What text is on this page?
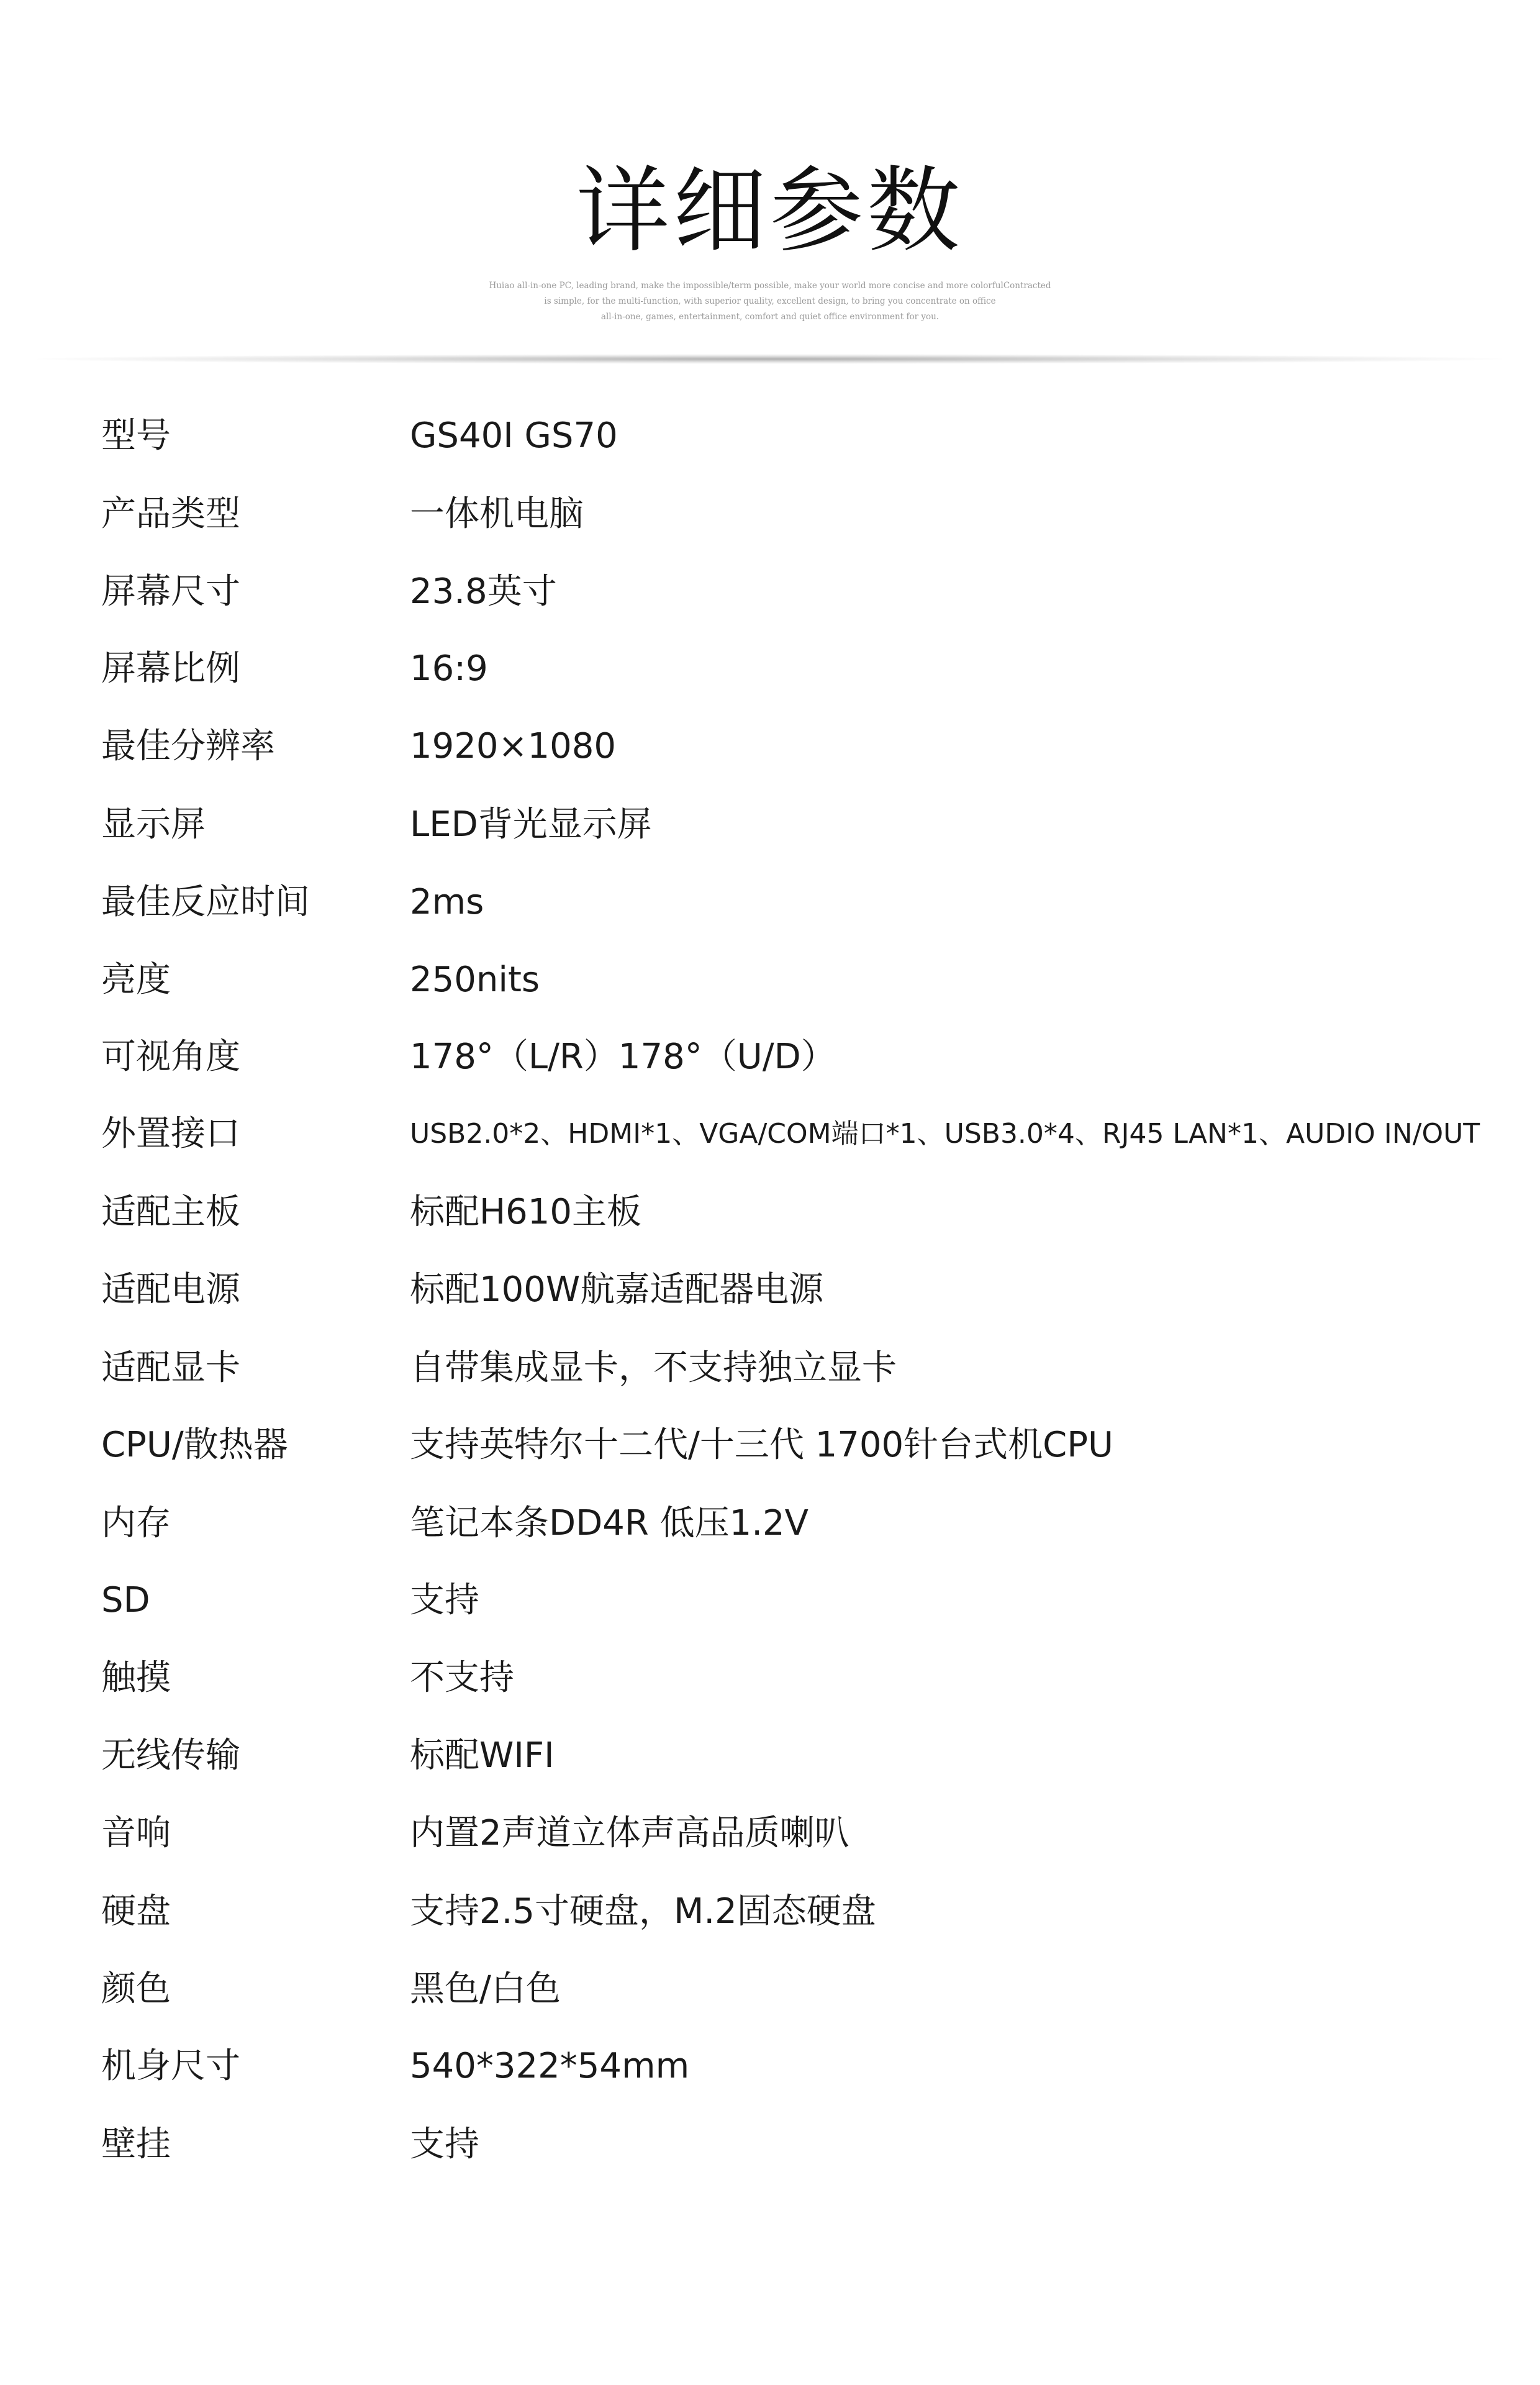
详细参数
Huiao all-in-one PC, leading brand, make the impossible/term possible, make your world more concise and more colorfulContracted
is simple, for the multi-function, with superior quality, excellent design, to bring you concentrate on office
all-in-one, games, entertainment, comfort and quiet office environment for you.
型号	GS40I GS70
产品类型	一体机电脑
屏幕尺寸	23.8英寸
屏幕比例	16:9
最佳分辨率	1920×1080
显示屏	LED背光显示屏
最佳反应时间	2ms
亮度	250nits
可视角度	178°（L/R）178°（U/D）
外置接口	USB2.0*2、HDMI*1、VGA/COM端口*1、USB3.0*4、RJ45 LAN*1、AUDIO IN/OUT
适配主板	标配H610主板
适配电源	标配100W航嘉适配器电源
适配显卡	自带集成显卡，不支持独立显卡
CPU/散热器	支持英特尔十二代/十三代 1700针台式机CPU
内存	笔记本条DD4R 低压1.2V
SD	支持
触摸	不支持
无线传输	标配WIFI
音响	内置2声道立体声高品质喇叭
硬盘	支持2.5寸硬盘，M.2固态硬盘
颜色	黑色/白色
机身尺寸	540*322*54mm
壁挂	支持
